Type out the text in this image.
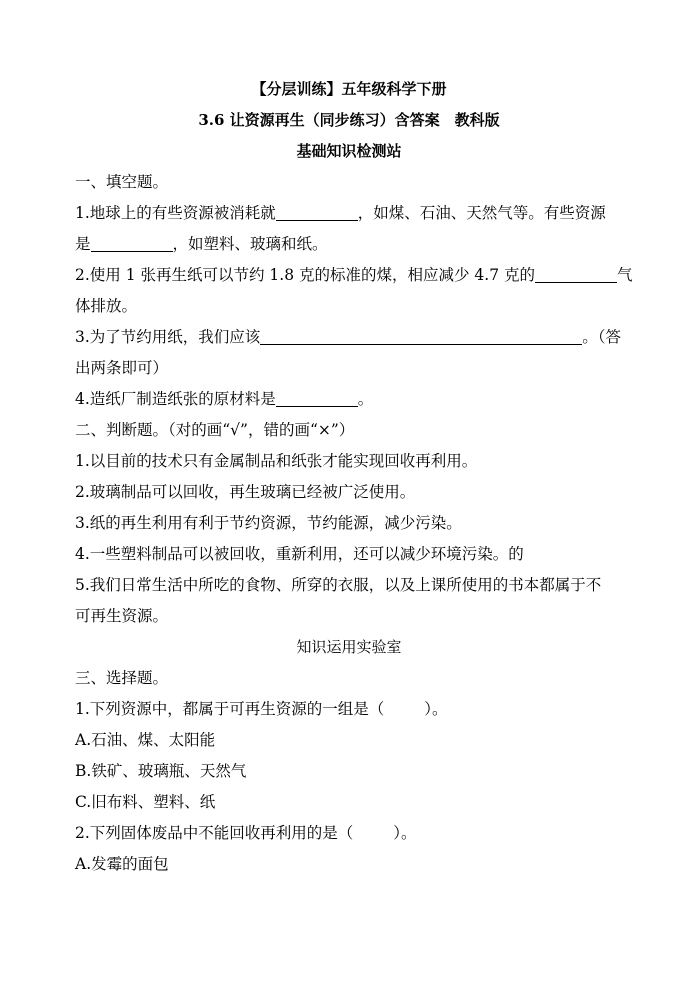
【分层训练】五年级科学下册

3.6 让资源再生（同步练习）含答案　教科版

基础知识检测站

一、填空题。

1.地球上的有些资源被消耗就	，如煤、石油、天然气等。有些资源

是	，如塑料、玻璃和纸。

2.使用 1 张再生纸可以节约 1.8 克的标准的煤，相应减少 4.7 克的	气

体排放。

3.为了节约用纸，我们应该	。（答

出两条即可）

4.造纸厂制造纸张的原材料是	。

二、判断题。（对的画“√”，错的画“×”）

1.以目前的技术只有金属制品和纸张才能实现回收再利用。

2.玻璃制品可以回收，再生玻璃已经被广泛使用。

3.纸的再生利用有利于节约资源，节约能源，减少污染。

4.一些塑料制品可以被回收，重新利用，还可以减少环境污染。的

5.我们日常生活中所吃的食物、所穿的衣服，以及上课所使用的书本都属于不

可再生资源。

知识运用实验室

三、选择题。

1.下列资源中，都属于可再生资源的一组是（	）。

A.石油、煤、太阳能

B.铁矿、玻璃瓶、天然气

C.旧布料、塑料、纸

2.下列固体废品中不能回收再利用的是（	）。

A.发霉的面包
